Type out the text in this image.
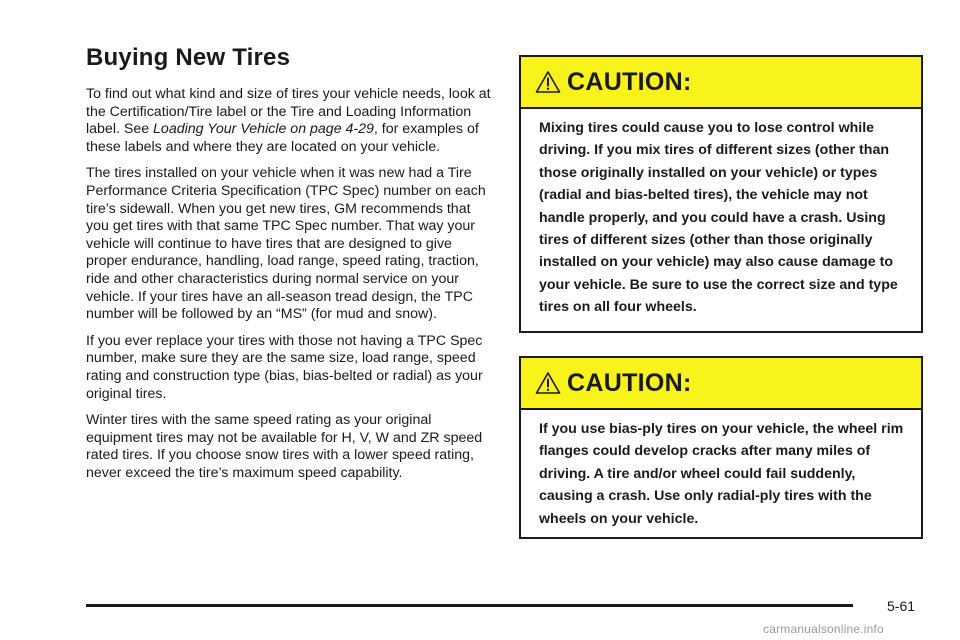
Buying New Tires

To find out what kind and size of tires your vehicle needs, look at the Certification/Tire label or the Tire and Loading Information label. See Loading Your Vehicle on page 4-29, for examples of these labels and where they are located on your vehicle.

The tires installed on your vehicle when it was new had a Tire Performance Criteria Specification (TPC Spec) number on each tire’s sidewall. When you get new tires, GM recommends that you get tires with that same TPC Spec number. That way your vehicle will continue to have tires that are designed to give proper endurance, handling, load range, speed rating, traction, ride and other characteristics during normal service on your vehicle. If your tires have an all-season tread design, the TPC number will be followed by an “MS” (for mud and snow).

If you ever replace your tires with those not having a TPC Spec number, make sure they are the same size, load range, speed rating and construction type (bias, bias-belted or radial) as your original tires.

Winter tires with the same speed rating as your original equipment tires may not be available for H, V, W and ZR speed rated tires. If you choose snow tires with a lower speed rating, never exceed the tire’s maximum speed capability.

CAUTION:
Mixing tires could cause you to lose control while driving. If you mix tires of different sizes (other than those originally installed on your vehicle) or types (radial and bias-belted tires), the vehicle may not handle properly, and you could have a crash. Using tires of different sizes (other than those originally installed on your vehicle) may also cause damage to your vehicle. Be sure to use the correct size and type tires on all four wheels.
CAUTION:
If you use bias-ply tires on your vehicle, the wheel rim flanges could develop cracks after many miles of driving. A tire and/or wheel could fail suddenly, causing a crash. Use only radial-ply tires with the wheels on your vehicle.
5-61
carmanualsonline.info
